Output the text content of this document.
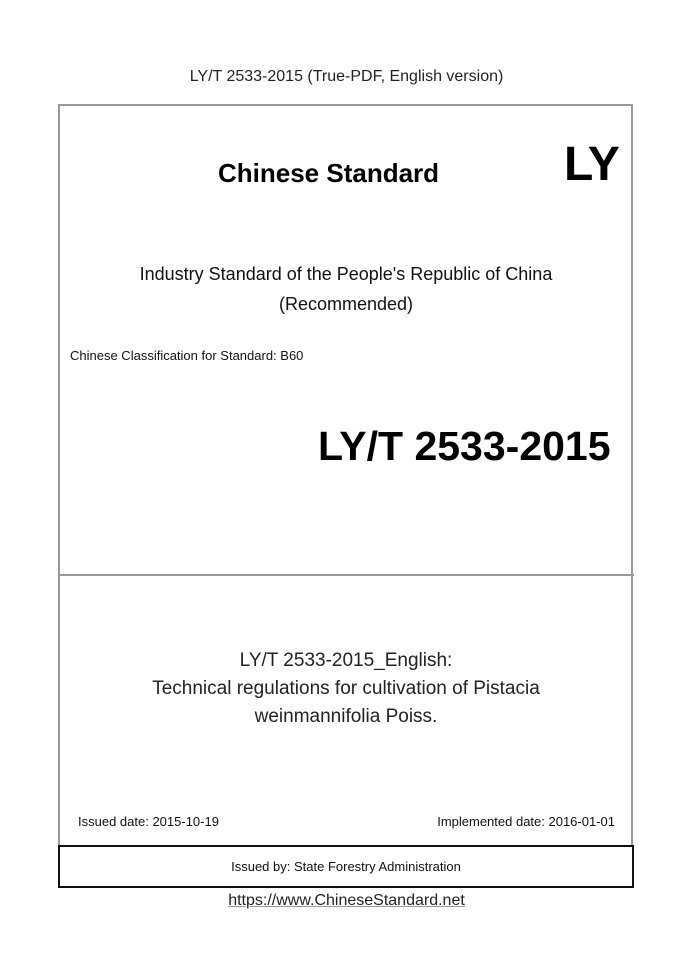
LY/T 2533-2015 (True-PDF, English version)
Chinese Standard	LY
Industry Standard of the People's Republic of China
(Recommended)
Chinese Classification for Standard: B60
LY/T 2533-2015
LY/T 2533-2015_English:
Technical regulations for cultivation of Pistacia
weinmannifolia Poiss.
Issued date: 2015-10-19	Implemented date: 2016-01-01
Issued by: State Forestry Administration
https://www.ChineseStandard.net
